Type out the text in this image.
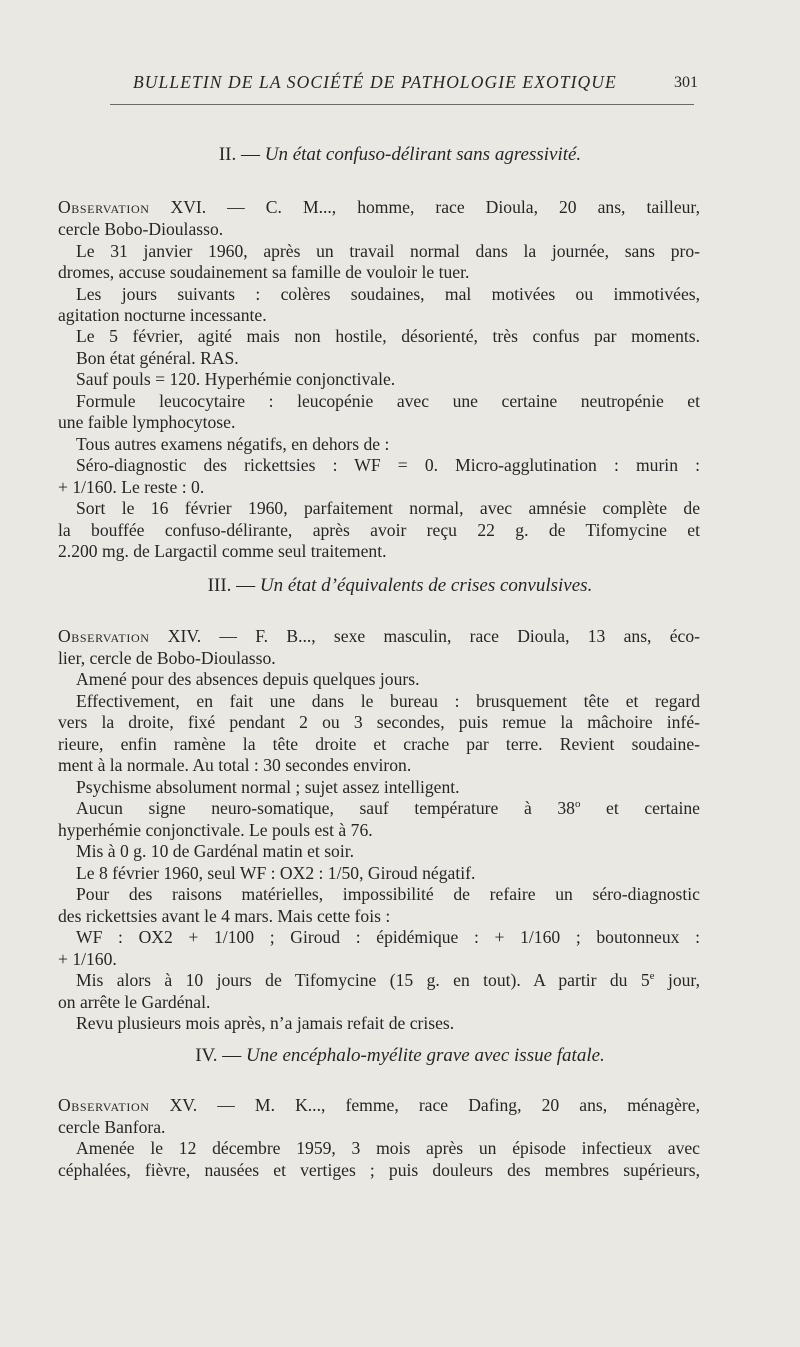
BULLETIN DE LA SOCIÉTÉ DE PATHOLOGIE EXOTIQUE	301
II. — Un état confuso-délirant sans agressivité.
Observation XVI. — C. M..., homme, race Dioula, 20 ans, tailleur,
cercle Bobo-Dioulasso.
Le 31 janvier 1960, après un travail normal dans la journée, sans pro-
dromes, accuse soudainement sa famille de vouloir le tuer.
Les jours suivants : colères soudaines, mal motivées ou immotivées,
agitation nocturne incessante.
Le 5 février, agité mais non hostile, désorienté, très confus par moments.
Bon état général. RAS.
Sauf pouls = 120. Hyperhémie conjonctivale.
Formule leucocytaire : leucopénie avec une certaine neutropénie et
une faible lymphocytose.
Tous autres examens négatifs, en dehors de :
Séro-diagnostic des rickettsies : WF = 0. Micro-agglutination : murin :
+ 1/160. Le reste : 0.
Sort le 16 février 1960, parfaitement normal, avec amnésie complète de
la bouffée confuso-délirante, après avoir reçu 22 g. de Tifomycine et
2.200 mg. de Largactil comme seul traitement.
III. — Un état d’équivalents de crises convulsives.
Observation XIV. — F. B..., sexe masculin, race Dioula, 13 ans, éco-
lier, cercle de Bobo-Dioulasso.
Amené pour des absences depuis quelques jours.
Effectivement, en fait une dans le bureau : brusquement tête et regard
vers la droite, fixé pendant 2 ou 3 secondes, puis remue la mâchoire infé-
rieure, enfin ramène la tête droite et crache par terre. Revient soudaine-
ment à la normale. Au total : 30 secondes environ.
Psychisme absolument normal ; sujet assez intelligent.
Aucun signe neuro-somatique, sauf température à 38$^o$ et certaine
hyperhémie conjonctivale. Le pouls est à 76.
Mis à 0 g. 10 de Gardénal matin et soir.
Le 8 février 1960, seul WF : OX2 : 1/50, Giroud négatif.
Pour des raisons matérielles, impossibilité de refaire un séro-diagnostic
des rickettsies avant le 4 mars. Mais cette fois :
WF : OX2 + 1/100 ; Giroud : épidémique : + 1/160 ; boutonneux :
+ 1/160.
Mis alors à 10 jours de Tifomycine (15 g. en tout). A partir du 5e jour,
on arrête le Gardénal.
Revu plusieurs mois après, n’a jamais refait de crises.
IV. — Une encéphalo-myélite grave avec issue fatale.
Observation XV. — M. K..., femme, race Dafing, 20 ans, ménagère,
cercle Banfora.
Amenée le 12 décembre 1959, 3 mois après un épisode infectieux avec
céphalées, fièvre, nausées et vertiges ; puis douleurs des membres supérieurs,
